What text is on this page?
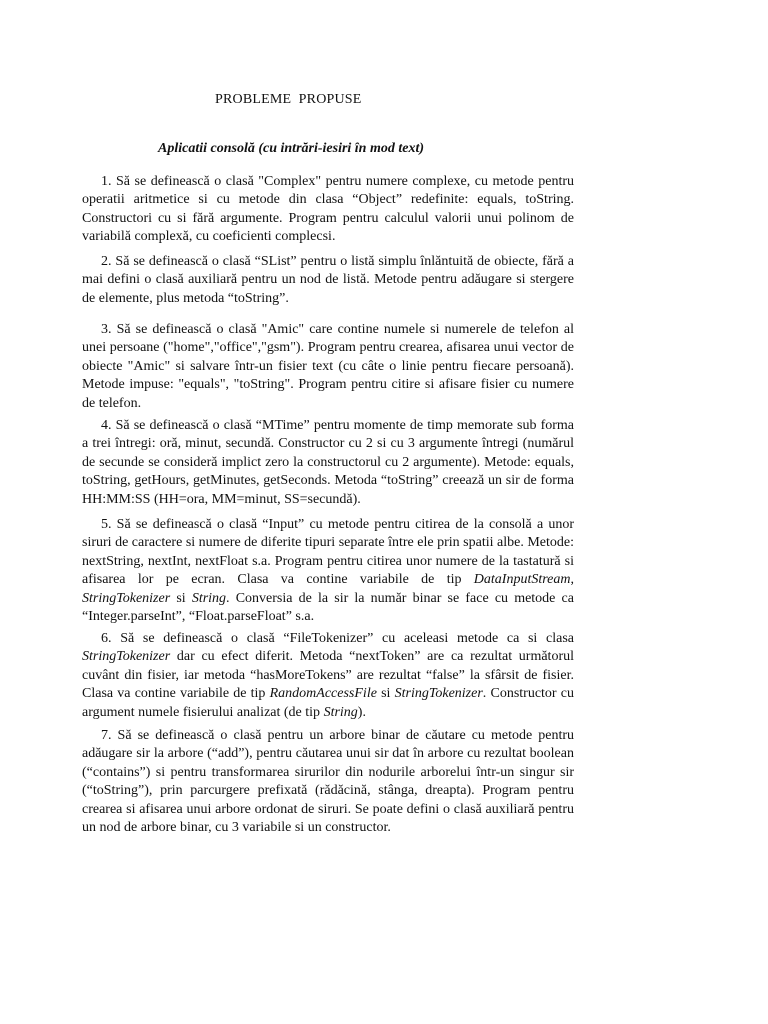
PROBLEME  PROPUSE

Aplicatii consolă (cu intrări-iesiri în mod text)

1. Să se definească o clasă "Complex" pentru numere complexe, cu metode pentru operatii aritmetice si cu metode din clasa “Object” redefinite: equals, toString. Constructori cu si fără argumente. Program pentru calculul valorii unui polinom de variabilă complexă, cu coeficienti complecsi.

2. Să se definească o clasă “SList” pentru o listă simplu înlăntuită de obiecte, fără a mai defini o clasă auxiliară pentru un nod de listă. Metode pentru adăugare si stergere de elemente, plus metoda “toString”.

3. Să se definească o clasă "Amic" care contine numele si numerele de telefon al unei persoane ("home","office","gsm"). Program pentru crearea, afisarea unui vector de obiecte "Amic" si salvare într-un fisier text (cu câte o linie pentru fiecare persoană). Metode impuse: "equals", "toString". Program pentru citire si afisare fisier cu numere de telefon.

4. Să se definească o clasă “MTime” pentru momente de timp memorate sub forma a trei întregi: oră, minut, secundă. Constructor cu 2 si cu 3 argumente întregi (numărul de secunde se consideră implict zero la constructorul cu 2 argumente). Metode: equals, toString, getHours, getMinutes, getSeconds. Metoda “toString” creează un sir de forma HH:MM:SS (HH=ora, MM=minut, SS=secundă).

5. Să se definească o clasă “Input” cu metode pentru citirea de la consolă a unor siruri de caractere si numere de diferite tipuri separate între ele prin spatii albe. Metode: nextString, nextInt, nextFloat s.a. Program pentru citirea unor numere de la tastatură si afisarea lor pe ecran. Clasa va contine variabile de tip DataInputStream, StringTokenizer si String. Conversia de la sir la număr binar se face cu metode ca “Integer.parseInt”, “Float.parseFloat” s.a.

6. Să se definească o clasă “FileTokenizer” cu aceleasi metode ca si clasa StringTokenizer dar cu efect diferit. Metoda “nextToken” are ca rezultat următorul cuvânt din fisier, iar metoda “hasMoreTokens” are rezultat “false” la sfârsit de fisier. Clasa va contine variabile de tip RandomAccessFile si StringTokenizer. Constructor cu argument numele fisierului analizat (de tip String).

7. Să se definească o clasă pentru un arbore binar de căutare cu metode pentru adăugare sir la arbore (“add”), pentru căutarea unui sir dat în arbore cu rezultat boolean (“contains”) si pentru transformarea sirurilor din nodurile arborelui într-un singur sir (“toString”), prin parcurgere prefixată (rădăcină, stânga, dreapta). Program pentru crearea si afisarea unui arbore ordonat de siruri. Se poate defini o clasă auxiliară pentru un nod de arbore binar, cu 3 variabile si un constructor.
